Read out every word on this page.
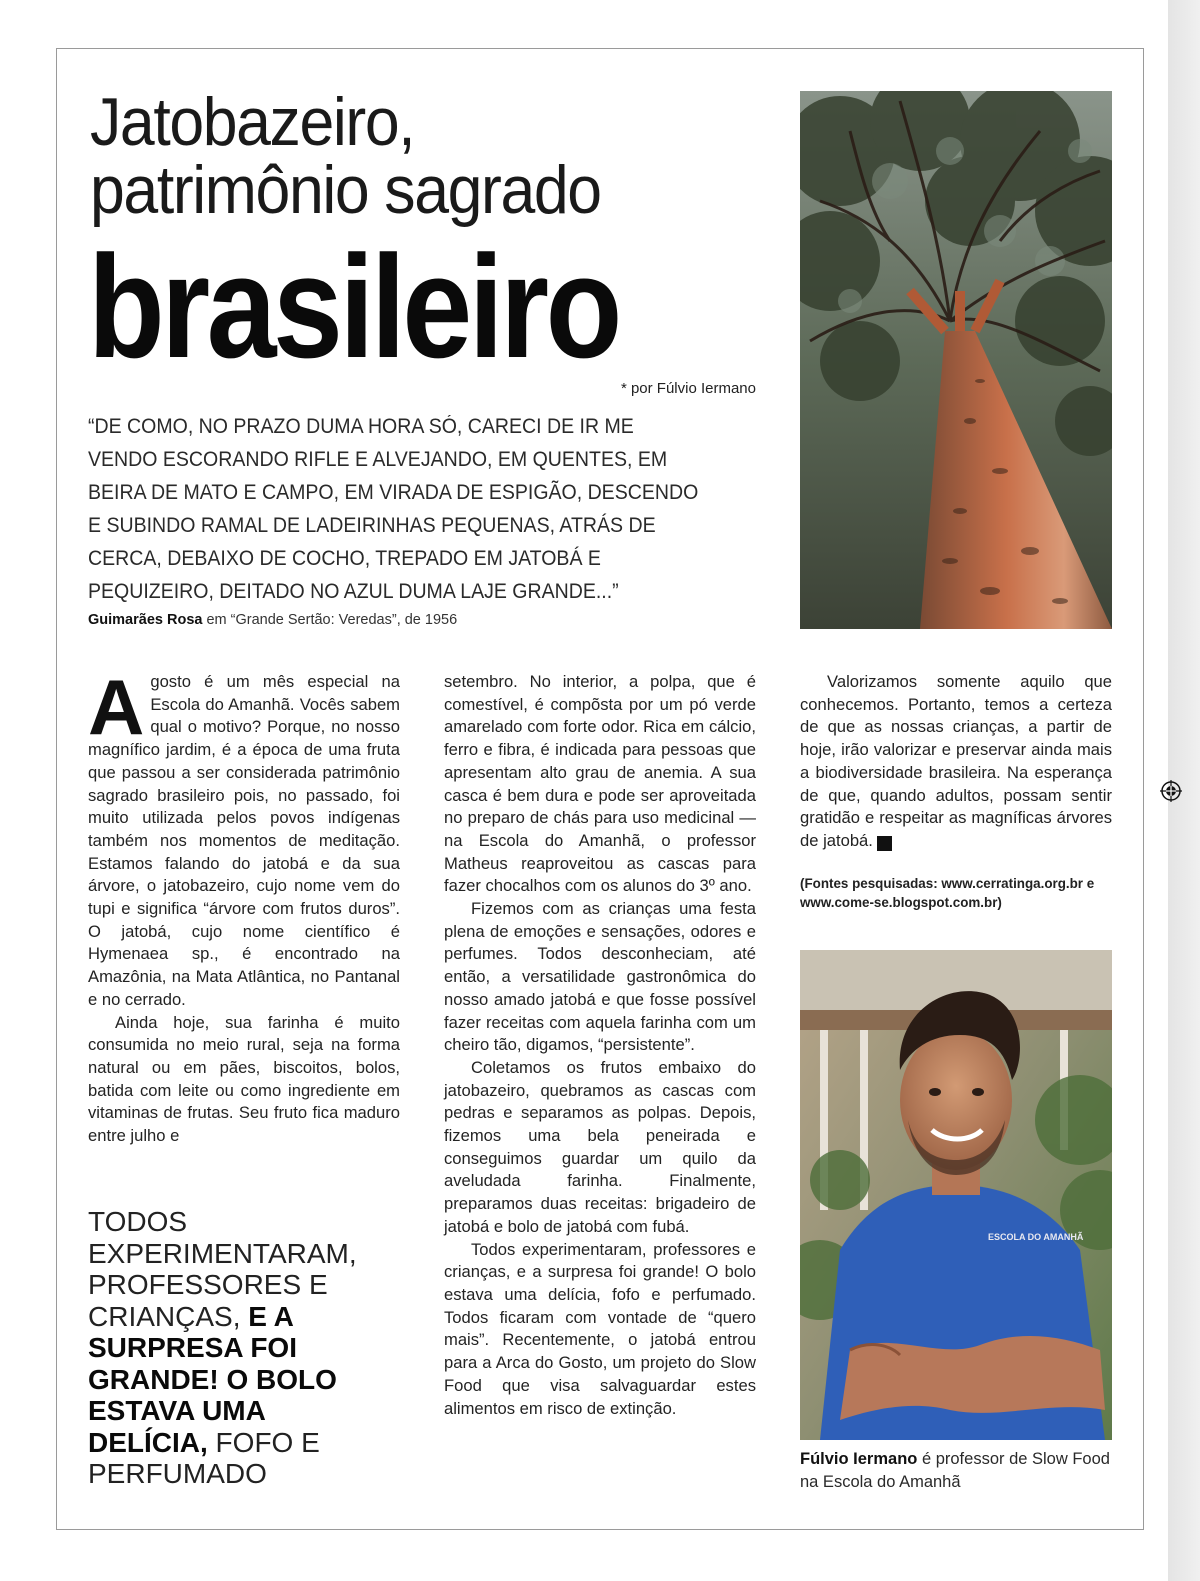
Jatobazeiro,
patrimônio sagrado
brasileiro
* por Fúlvio Iermano
“DE COMO, NO PRAZO DUMA HORA SÓ, CARECI DE IR ME VENDO ESCORANDO RIFLE E ALVEJANDO, EM QUENTES, EM BEIRA DE MATO E CAMPO, EM VIRADA DE ESPIGÃO, DESCENDO E SUBINDO RAMAL DE LADEIRINHAS PEQUENAS, ATRÁS DE CERCA, DEBAIXO DE COCHO, TREPADO EM JATOBÁ E PEQUIZEIRO, DEITADO NO AZUL DUMA LAJE GRANDE...”
Guimarães Rosa em “Grande Sertão: Veredas”, de 1956

Agosto é um mês especial na Escola do Amanhã. Vocês sabem qual o motivo? Porque, no nosso magnífico jardim, é a época de uma fruta que passou a ser considerada patrimônio sagrado brasileiro pois, no passado, foi muito utilizada pelos povos indígenas também nos momentos de meditação. Estamos falando do jatobá e da sua árvore, o jatobazeiro, cujo nome vem do tupi e significa “árvore com frutos duros”. O jatobá, cujo nome científico é Hymenaea sp., é encontrado na Amazônia, na Mata Atlântica, no Pantanal e no cerrado.

Ainda hoje, sua farinha é muito consumida no meio rural, seja na forma natural ou em pães, biscoitos, bolos, batida com leite ou como ingrediente em vitaminas de frutas. Seu fruto fica maduro entre julho e

setembro. No interior, a polpa, que é comestível, é compõsta por um pó verde amarelado com forte odor. Rica em cálcio, ferro e fibra, é indicada para pessoas que apresentam alto grau de anemia. A sua casca é bem dura e pode ser aproveitada no preparo de chás para uso medicinal — na Escola do Amanhã, o professor Matheus reaproveitou as cascas para fazer chocalhos com os alunos do 3º ano.

Fizemos com as crianças uma festa plena de emoções e sensações, odores e perfumes. Todos desconheciam, até então, a versatilidade gastronômica do nosso amado jatobá e que fosse possível fazer receitas com aquela farinha com um cheiro tão, digamos, “persistente”.

Coletamos os frutos embaixo do jatobazeiro, quebramos as cascas com pedras e separamos as polpas. Depois, fizemos uma bela peneirada e conseguimos guardar um quilo da aveludada farinha. Finalmente, preparamos duas receitas: brigadeiro de jatobá e bolo de jatobá com fubá.

Todos experimentaram, professores e crianças, e a surpresa foi grande! O bolo estava uma delícia, fofo e perfumado. Todos ficaram com vontade de “quero mais”. Recentemente, o jatobá entrou para a Arca do Gosto, um projeto do Slow Food que visa salvaguardar estes alimentos em risco de extinção.

Valorizamos somente aquilo que conhecemos. Portanto, temos a certeza de que as nossas crianças, a partir de hoje, irão valorizar e preservar ainda mais a biodiversidade brasileira. Na esperança de que, quando adultos, possam sentir gratidão e respeitar as magníficas árvores de jatobá.	r

(Fontes pesquisadas: www.cerratinga.org.br e
www.come-se.blogspot.com.br)
TODOS EXPERIMENTARAM, PROFESSORES E CRIANÇAS, E A SURPRESA FOI GRANDE! O BOLO ESTAVA UMA DELÍCIA, FOFO E PERFUMADO
ESCOLA DO AMANHÃ
Fúlvio Iermano é professor de Slow Food na Escola do Amanhã
